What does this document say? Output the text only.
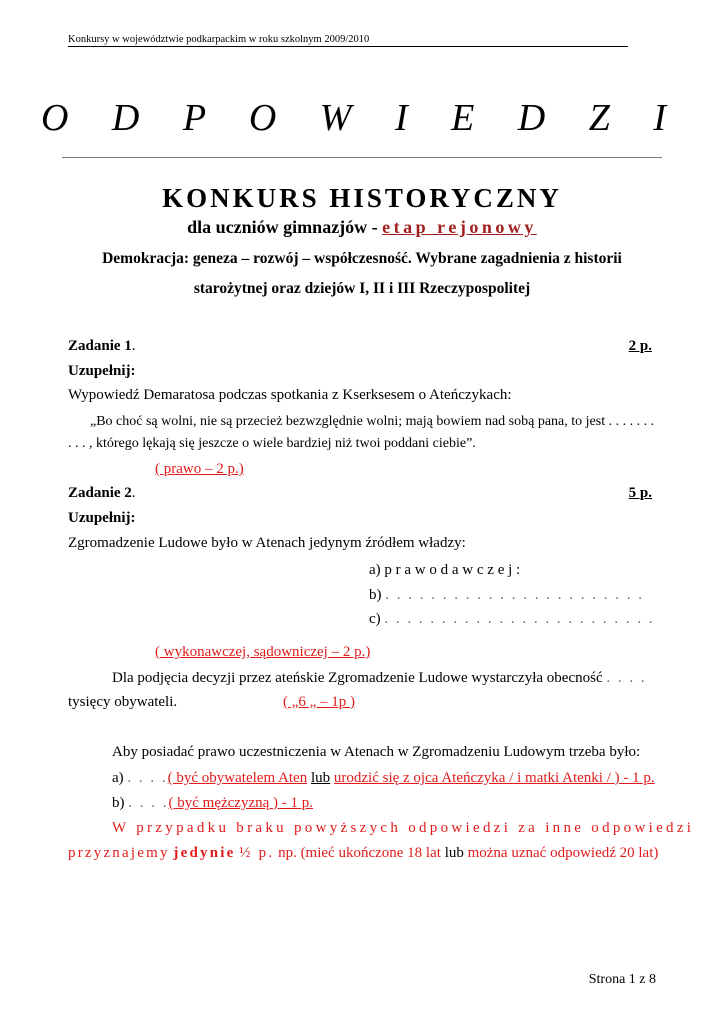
Konkursy w województwie podkarpackim w roku szkolnym 2009/2010
O D P O W I E D Z I
KONKURS HISTORYCZNY
dla uczniów gimnazjów - etap rejonowy
Demokracja: geneza – rozwój – współczesność. Wybrane zagadnienia z historii
starożytnej oraz dziejów I, II i III Rzeczypospolitej
Zadanie 1.	2 p.
Uzupełnij:
Wypowiedź Demaratosa podczas spotkania z Kserksesem o Ateńczykach:
„Bo choć są wolni, nie są przecież bezwzględnie wolni; mają bowiem nad sobą pana, to jest . . . . . . .
. . . , którego lękają się jeszcze o wiele bardziej niż twoi poddani ciebie”.
( prawo – 2 p.)
Zadanie 2.	5 p.
Uzupełnij:
Zgromadzenie Ludowe było w Atenach jedynym źródłem władzy:
a) p r a w o d a w c z e j :
b) . . . . . . . . . . . . . . . . . . . . . . .
c) . . . . . . . . . . . . . . . . . . . . . . . .
( wykonawczej, sądowniczej – 2 p.)
Dla podjęcia decyzji przez ateńskie Zgromadzenie Ludowe wystarczyła obecność . . . .
tysięcy obywateli.	( „6 „ – 1p )
Aby posiadać prawo uczestniczenia w Atenach w Zgromadzeniu Ludowym trzeba było:
a) . . . .( być obywatelem Aten lub urodzić się z ojca Ateńczyka / i matki Atenki / ) - 1 p.
b) . . . .( być mężczyzną ) - 1 p.
W przypadku braku powyższych odpowiedzi za inne odpowiedzi
przyznajemy jedynie ½ p. np. (mieć ukończone 18 lat lub można uznać odpowiedź 20 lat)
Strona 1 z 8
